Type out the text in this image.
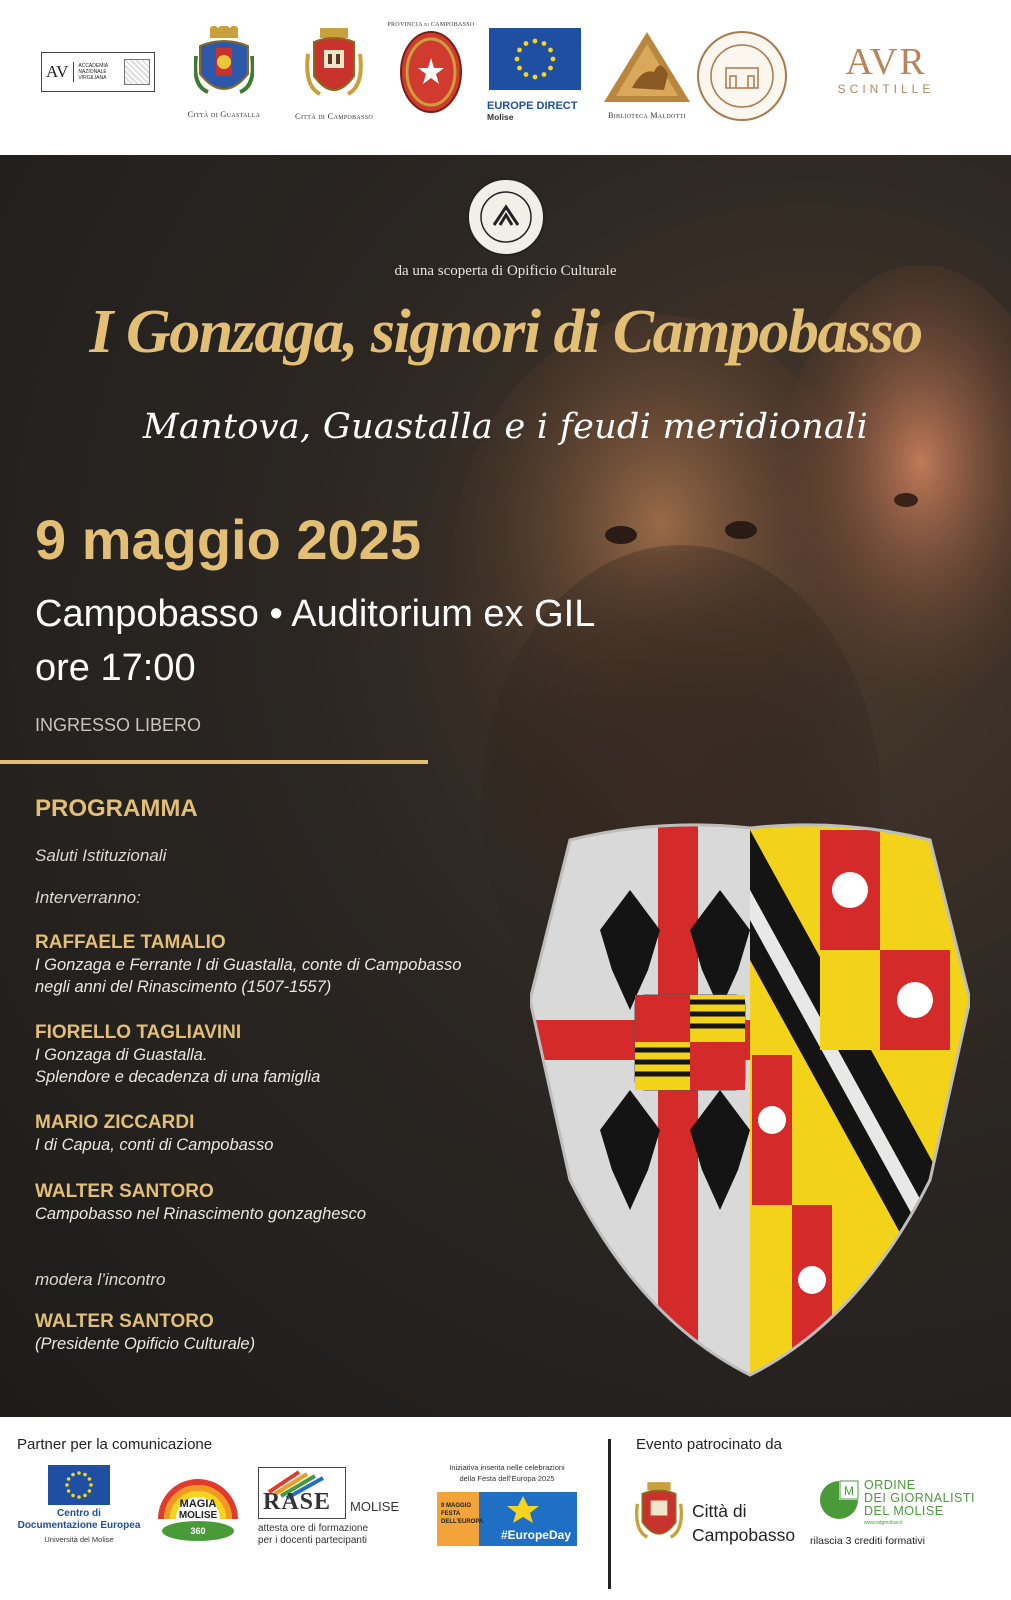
AV	ACCADEMIA NAZIONALE VIRGILIANA
Città di Guastalla	Città di Campobasso
PROVINCIA di CAMPOBASSO
EUROPE DIRECT
Molise	Biblioteca Maldotti
AVR
SCINTILLE
da una scoperta di Opificio Culturale
I Gonzaga, signori di Campobasso
Mantova, Guastalla e i feudi meridionali
9 maggio 2025
Campobasso • Auditorium ex GIL
ore 17:00
INGRESSO LIBERO
PROGRAMMA
Saluti Istituzionali
Interverranno:
RAFFAELE TAMALIO
I Gonzaga e Ferrante I di Guastalla, conte di Campobasso
negli anni del Rinascimento (1507-1557)
FIORELLO TAGLIAVINI
I Gonzaga di Guastalla.
Splendore e decadenza di una famiglia
MARIO ZICCARDI
I di Capua, conti di Campobasso
WALTER SANTORO
Campobasso nel Rinascimento gonzaghesco
modera l’incontro
WALTER SANTORO
(Presidente Opificio Culturale)
Partner per la comunicazione	Evento patrocinato da
Centro di Documentazione Europea
Università del Molise
MAGIA
MOLISE
360
RASE MOLISE
attesta ore di formazione
per i docenti partecipanti
Iniziativa inserita nelle celebrazioni
della Festa dell’Europa 2025
9 MAGGIO FESTA DELL’EUROPA
#EuropeDay
Città di
Campobasso
M ORDINE
DEI GIORNALISTI
DEL MOLISE
www.odgmolise.it
rilascia 3 crediti formativi
